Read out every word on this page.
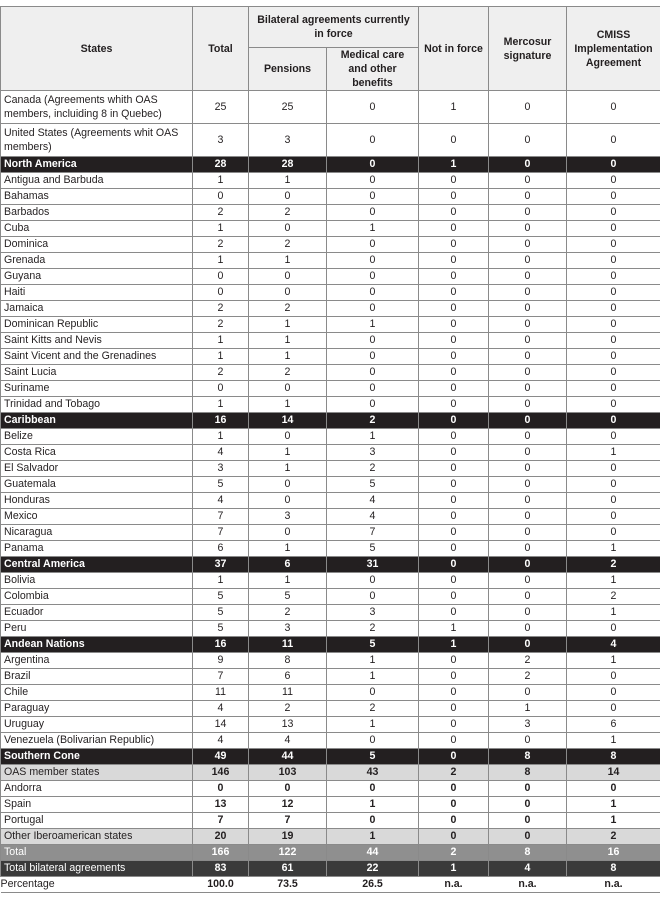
States	Total	Bilateral agreements currently in force		Not in force	Mercosur signature	CMISS Implementation Agreement
		Pensions	Medical care and other benefits			
Canada (Agreements whith OAS members, incluiding 8 in Quebec)	25	25	0	1	0	0
United States (Agreements whit OAS members)	3	3	0	0	0	0
North America	28	28	0	1	0	0
Antigua and Barbuda	1	1	0	0	0	0
Bahamas	0	0	0	0	0	0
Barbados	2	2	0	0	0	0
Cuba	1	0	1	0	0	0
Dominica	2	2	0	0	0	0
Grenada	1	1	0	0	0	0
Guyana	0	0	0	0	0	0
Haiti	0	0	0	0	0	0
Jamaica	2	2	0	0	0	0
Dominican Republic	2	1	1	0	0	0
Saint Kitts and Nevis	1	1	0	0	0	0
Saint Vicent and the Grenadines	1	1	0	0	0	0
Saint Lucia	2	2	0	0	0	0
Suriname	0	0	0	0	0	0
Trinidad and Tobago	1	1	0	0	0	0
Caribbean	16	14	2	0	0	0
Belize	1	0	1	0	0	0
Costa Rica	4	1	3	0	0	1
El Salvador	3	1	2	0	0	0
Guatemala	5	0	5	0	0	0
Honduras	4	0	4	0	0	0
Mexico	7	3	4	0	0	0
Nicaragua	7	0	7	0	0	0
Panama	6	1	5	0	0	1
Central America	37	6	31	0	0	2
Bolivia	1	1	0	0	0	1
Colombia	5	5	0	0	0	2
Ecuador	5	2	3	0	0	1
Peru	5	3	2	1	0	0
Andean Nations	16	11	5	1	0	4
Argentina	9	8	1	0	2	1
Brazil	7	6	1	0	2	0
Chile	11	11	0	0	0	0
Paraguay	4	2	2	0	1	0
Uruguay	14	13	1	0	3	6
Venezuela (Bolivarian Republic)	4	4	0	0	0	1
Southern Cone	49	44	5	0	8	8
OAS member states	146	103	43	2	8	14
Andorra	0	0	0	0	0	0
Spain	13	12	1	0	0	1
Portugal	7	7	0	0	0	1
Other Iberoamerican states	20	19	1	0	0	2
Total	166	122	44	2	8	16
Total bilateral agreements	83	61	22	1	4	8
Percentage	100.0	73.5	26.5	n.a.	n.a.	n.a.
